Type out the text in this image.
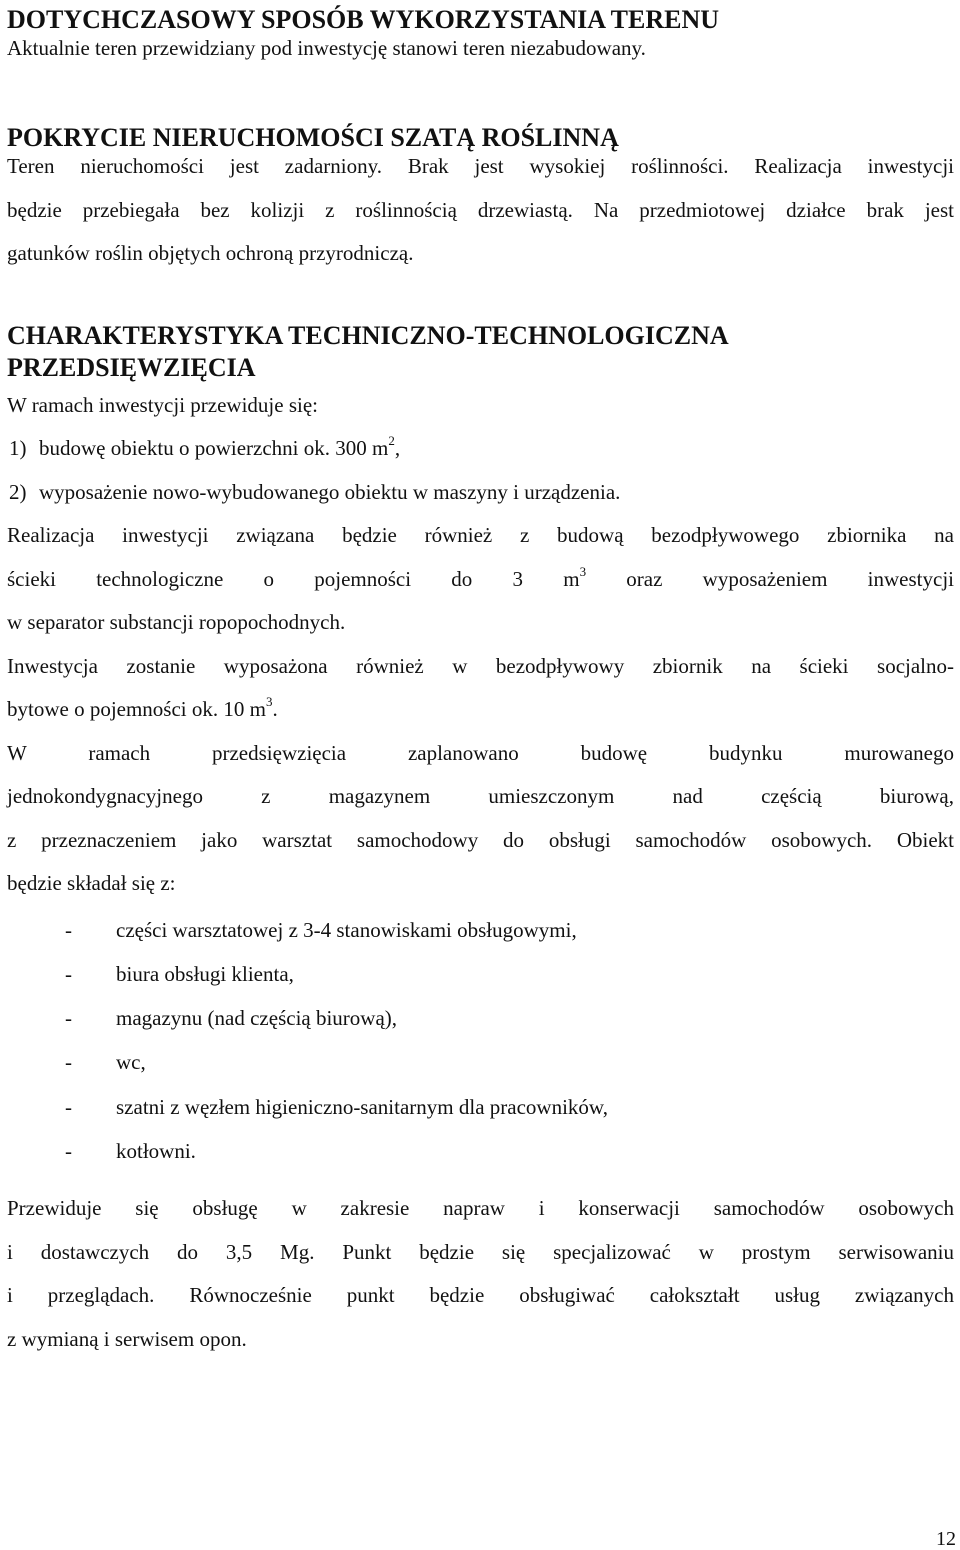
DOTYCHCZASOWY SPOSÓB WYKORZYSTANIA TERENU

Aktualnie teren przewidziany pod inwestycję stanowi teren niezabudowany.

POKRYCIE NIERUCHOMOŚCI SZATĄ ROŚLINNĄ

Teren nieruchomości jest zadarniony. Brak jest wysokiej roślinności. Realizacja inwestycji

będzie przebiegała bez kolizji z roślinnością drzewiastą. Na przedmiotowej działce brak jest

gatunków roślin objętych ochroną przyrodniczą.

CHARAKTERYSTYKA TECHNICZNO-TECHNOLOGICZNA
PRZEDSIĘWZIĘCIA

W ramach inwestycji przewiduje się:

1) budowę obiektu o powierzchni ok. 300 $m^2$,

2) wyposażenie nowo-wybudowanego obiektu w maszyny i urządzenia.

Realizacja inwestycji związana będzie również z budową bezodpływowego zbiornika na

ścieki technologiczne o pojemności do 3 $m^3$ oraz wyposażeniem inwestycji

w separator substancji ropopochodnych.

Inwestycja zostanie wyposażona również w bezodpływowy zbiornik na ścieki socjalno-

bytowe o pojemności ok. 10 $m^3$.

W ramach przedsięwzięcia zaplanowano budowę budynku murowanego

jednokondygnacyjnego z magazynem umieszczonym nad częścią biurową,

z przeznaczeniem jako warsztat samochodowy do obsługi samochodów osobowych. Obiekt

będzie składał się z:

- części warsztatowej z 3-4 stanowiskami obsługowymi,
- biura obsługi klienta,
- magazynu (nad częścią biurową),
- wc,
- szatni z węzłem higieniczno-sanitarnym dla pracowników,
- kotłowni.

Przewiduje się obsługę w zakresie napraw i konserwacji samochodów osobowych

i dostawczych do 3,5 Mg. Punkt będzie się specjalizować w prostym serwisowaniu

i przeglądach. Równocześnie punkt będzie obsługiwać całokształt usług związanych

z wymianą i serwisem opon.

12
